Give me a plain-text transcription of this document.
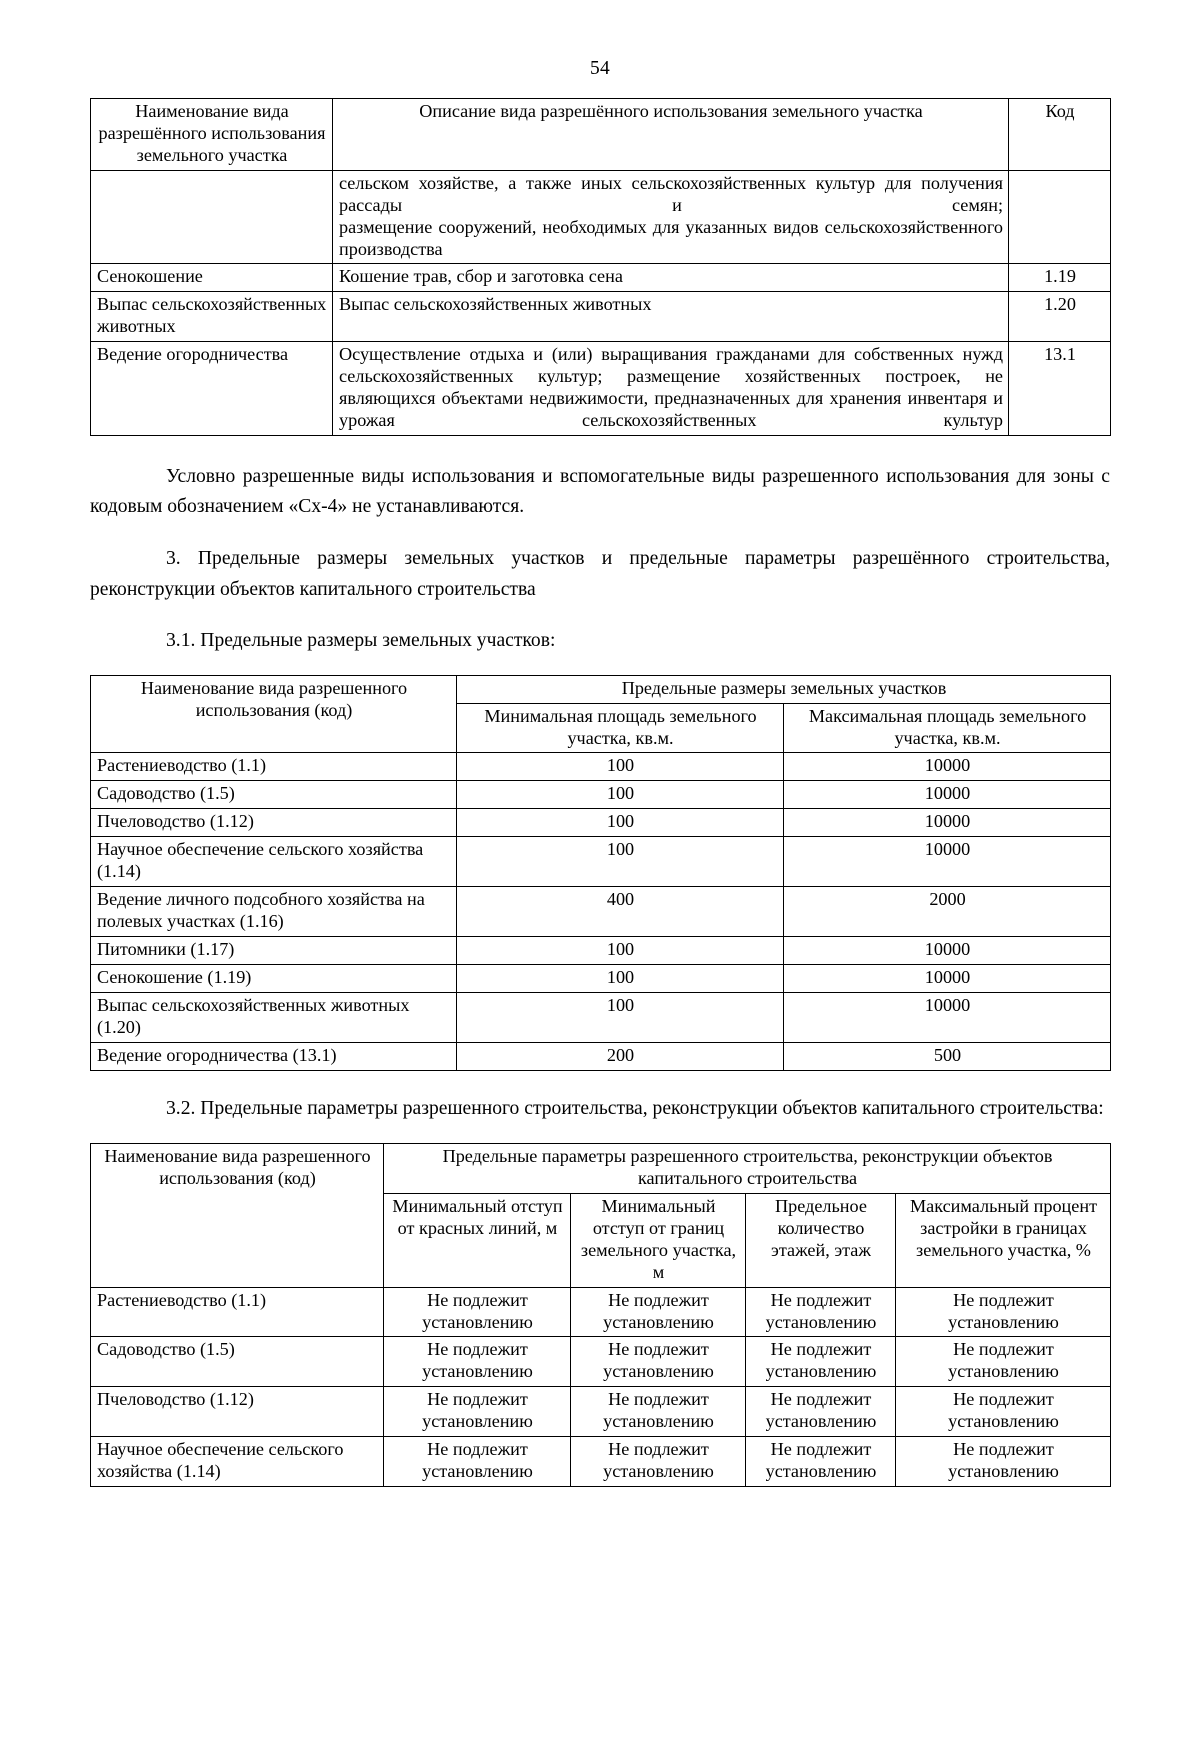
54
Наименование вида разрешённого использования земельного участка	Описание вида разрешённого использования земельного участка	Код

	сельском хозяйстве, а также иных сельскохозяйственных культур для получения рассады и семян;
размещение сооружений, необходимых для указанных видов сельскохозяйственного производства	

Сенокошение	Кошение трав, сбор и заготовка сена	1.19
Выпас сельскохозяйственных животных	Выпас сельскохозяйственных животных	1.20
Ведение огородничества	Осуществление отдыха и (или) выращивания гражданами для собственных нужд сельскохозяйственных культур; размещение хозяйственных построек, не являющихся объектами недвижимости, предназначенных для хранения инвентаря и урожая сельскохозяйственных культур	13.1

Условно разрешенные виды использования и вспомогательные виды разрешенного использования для зоны с кодовым обозначением «Сх-4» не устанавливаются.

3. Предельные размеры земельных участков и предельные параметры разрешённого строительства, реконструкции объектов капитального строительства

3.1. Предельные размеры земельных участков:

Наименование вида разрешенного использования (код)	Предельные размеры земельных участков	
	Минимальная площадь земельного участка, кв.м.	Максимальная площадь земельного участка, кв.м.
Растениеводство (1.1)	100	10000
Садоводство (1.5)	100	10000
Пчеловодство (1.12)	100	10000
Научное обеспечение сельского хозяйства (1.14)	100	10000
Ведение личного подсобного хозяйства на полевых участках (1.16)	400	2000
Питомники (1.17)	100	10000
Сенокошение (1.19)	100	10000
Выпас сельскохозяйственных животных (1.20)	100	10000
Ведение огородничества (13.1)	200	500

3.2. Предельные параметры разрешенного строительства, реконструкции объектов капитального строительства:

Наименование вида разрешенного использования (код)	Предельные параметры разрешенного строительства, реконструкции объектов капитального строительства			
	Минимальный отступ от красных линий, м	Минимальный отступ от границ земельного участка, м	Предельное количество этажей, этаж	Максимальный процент застройки в границах земельного участка, %
Растениеводство (1.1)	Не подлежит установлению	Не подлежит установлению	Не подлежит установлению	Не подлежит установлению
Садоводство (1.5)	Не подлежит установлению	Не подлежит установлению	Не подлежит установлению	Не подлежит установлению
Пчеловодство (1.12)	Не подлежит установлению	Не подлежит установлению	Не подлежит установлению	Не подлежит установлению
Научное обеспечение сельского хозяйства (1.14)	Не подлежит установлению	Не подлежит установлению	Не подлежит установлению	Не подлежит установлению
